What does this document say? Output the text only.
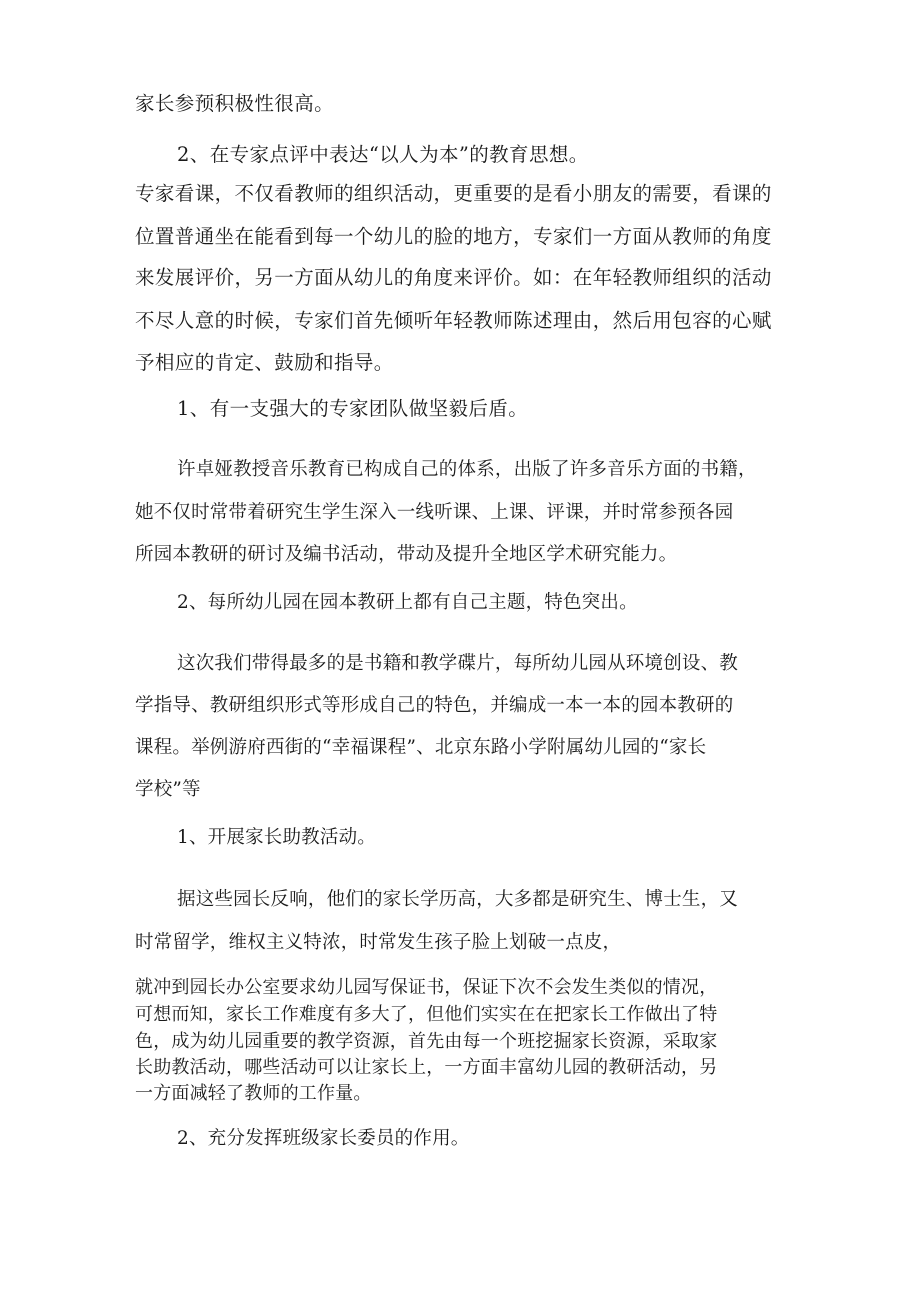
家长参预积极性很高。

2、在专家点评中表达“以人为本”的教育思想。

专家看课，不仅看教师的组织活动，更重要的是看小朋友的需要，看课的

位置普通坐在能看到每一个幼儿的脸的地方，专家们一方面从教师的角度

来发展评价，另一方面从幼儿的角度来评价。如：在年轻教师组织的活动

不尽人意的时候，专家们首先倾听年轻教师陈述理由，然后用包容的心赋

予相应的肯定、鼓励和指导。

1、有一支强大的专家团队做坚毅后盾。

许卓娅教授音乐教育已构成自己的体系，出版了许多音乐方面的书籍，

她不仅时常带着研究生学生深入一线听课、上课、评课，并时常参预各园

所园本教研的研讨及编书活动，带动及提升全地区学术研究能力。

2、每所幼儿园在园本教研上都有自己主题，特色突出。

这次我们带得最多的是书籍和教学碟片，每所幼儿园从环境创设、教

学指导、教研组织形式等形成自己的特色，并编成一本一本的园本教研的

课程。举例游府西街的“幸福课程”、北京东路小学附属幼儿园的“家长

学校”等

1、开展家长助教活动。

据这些园长反响，他们的家长学历高，大多都是研究生、博士生，又

时常留学，维权主义特浓，时常发生孩子脸上划破一点皮，

就冲到园长办公室要求幼儿园写保证书，保证下次不会发生类似的情况，

可想而知，家长工作难度有多大了，但他们实实在在把家长工作做出了特

色，成为幼儿园重要的教学资源，首先由每一个班挖掘家长资源，采取家

长助教活动，哪些活动可以让家长上，一方面丰富幼儿园的教研活动，另

一方面减轻了教师的工作量。

2、充分发挥班级家长委员的作用。
